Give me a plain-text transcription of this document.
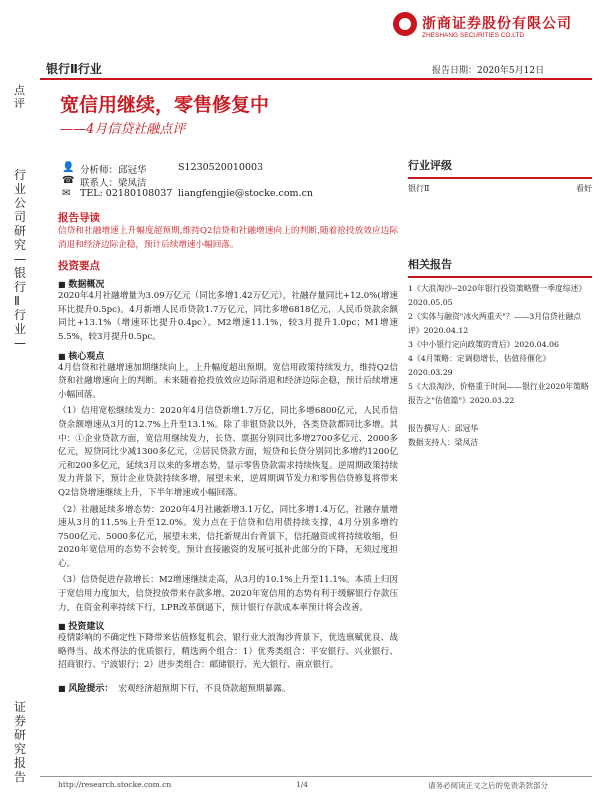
浙商证券股份有限公司
ZHESHANG SECURITIES CO.LTD
银行Ⅱ行业	报告日期：2020年5月12日
点评
行业公司研究—银行Ⅱ行业—
证券研究报告
宽信用继续，零售修复中
——4月信贷社融点评
👤
☎
✉
分析师：邱冠华	S1230520010003
联系人：梁凤洁
TEL: 02180108037 liangfengjie@stocke.com.cn
报告导读
信贷和社融增速上升幅度超预期,维持Q2信贷和社融增速向上的判断,随着抢投放效应边际消退和经济边际企稳，预计后续增速小幅回落。
投资要点
■ 数据概况
2020年4月社融增量为3.09万亿元（同比多增1.42万亿元），社融存量同比+12.0%(增速环比提升0.5pc)。4月新增人民币贷款1.7万亿元，同比多增6818亿元，人民币贷款余额同比+13.1%（增速环比提升0.4pc）。M2增速11.1%，较3月提升1.0pc；M1增速5.5%，较3月提升0.5pc。
■ 核心观点
4月信贷和社融增速加期继续向上，上升幅度超出预期。宽信用政策持续发力，维持Q2信贷和社融增速向上的判断。未来随着抢投放效应边际消退和经济边际企稳，预计后续增速小幅回落。
（1）信用宽松继续发力：2020年4月信贷新增1.7万亿，同比多增6800亿元，人民币信贷余额增速从3月的12.7%上升至13.1%。除了非银贷款以外，各类贷款都同比多增。其中：①企业贷款方面，宽信用继续发力，长贷、票据分别同比多增2700多亿元、2000多亿元，短贷同比少减1300多亿元，②居民贷款方面，短贷和长贷分别同比多增约1200亿元和200多亿元，延续3月以来的多增态势，显示零售贷款需求持续恢复。逆周期政策持续发力背景下，预计企业贷款持续多增，展望未来，逆周期调节发力和零售信贷修复将带来Q2信贷增速继续上升，下半年增速或小幅回落。
（2）社融延续多增态势：2020年4月社融新增3.1万亿，同比多增1.4万亿，社融存量增速从3月的11.5%上升至12.0%。发力点在于信贷和信用债持续支撑，4月分别多增约7500亿元、5000多亿元，展望未来，信托新规出台背景下，信托融资或将持续收缩，但2020年宽信用的态势不会转变，预计直接融资的发展可抵补此部分的下降，无须过度担心。
（3）信贷促进存款增长：M2增速继续走高，从3月的10.1%上升至11.1%。本质上归因于宽信用力度加大，信贷投放带来存款多增。2020年宽信用的态势有利于缓解银行存款压力，在资金利率持续下行，LPR改革倒逼下，预计银行存款成本率预计将会改善。
■ 投资建议
疫情影响的不确定性下降带来估值修复机会，银行业大浪淘沙背景下，优选禀赋优良、战略得当、战术得法的优质银行，精选两个组合：1）优秀类组合：平安银行、兴业银行、招商银行、宁波银行；2）进步类组合：邮储银行、光大银行、南京银行。
■ 风险提示： 宏观经济超预期下行，不良贷款超预期暴露。
行业评级
银行Ⅱ	看好
相关报告
1《大浪淘沙--2020年银行投资策略暨一季度综述》2020.05.05
2《实体与融资"冰火两重天"？——3月信贷社融点评》2020.04.12
3《中小银行定向政策的背后》2020.04.06
4《4月策略：定调稳增长，估值待催化》2020.03.29
5《大浪淘沙，价格重于时间——银行业2020年策略报告之"估值篇"》2020.03.22
报告撰写人：邱冠华
数据支持人：梁凤洁
http://research.stocke.com.cn	1/4	请务必阅读正文之后的免责条款部分
